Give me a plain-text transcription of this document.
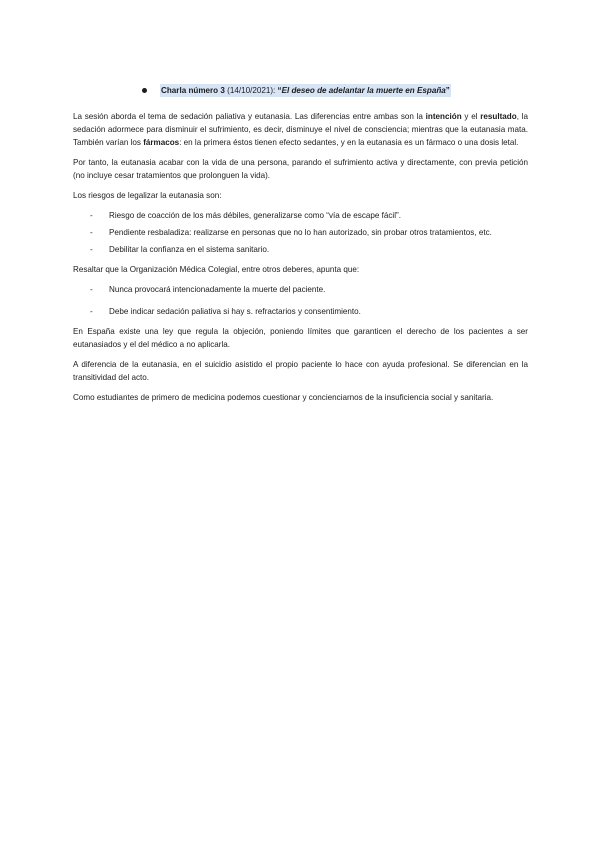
Charla número 3 (14/10/2021): “El deseo de adelantar la muerte en España”

La sesión aborda el tema de sedación paliativa y eutanasia. Las diferencias entre ambas son la intención y el resultado, la sedación adormece para disminuir el sufrimiento, es decir, disminuye el nivel de consciencia; mientras que la eutanasia mata. También varían los fármacos: en la primera éstos tienen efecto sedantes, y en la eutanasia es un fármaco o una dosis letal.

Por tanto, la eutanasia acabar con la vida de una persona, parando el sufrimiento activa y directamente, con previa petición (no incluye cesar tratamientos que prolonguen la vida).

Los riesgos de legalizar la eutanasia son:

- Riesgo de coacción de los más débiles, generalizarse como “vía de escape fácil”.
- Pendiente resbaladiza: realizarse en personas que no lo han autorizado, sin probar otros tratamientos, etc.
- Debilitar la confianza en el sistema sanitario.

Resaltar que la Organización Médica Colegial, entre otros deberes, apunta que:

- Nunca provocará intencionadamente la muerte del paciente.
- Debe indicar sedación paliativa si hay s. refractarios y consentimiento.

En España existe una ley que regula la objeción, poniendo límites que garanticen el derecho de los pacientes a ser eutanasiados y el del médico a no aplicarla.

A diferencia de la eutanasia, en el suicidio asistido el propio paciente lo hace con ayuda profesional. Se diferencian en la transitividad del acto.

Como estudiantes de primero de medicina podemos cuestionar y concienciarnos de la insuficiencia social y sanitaria.
